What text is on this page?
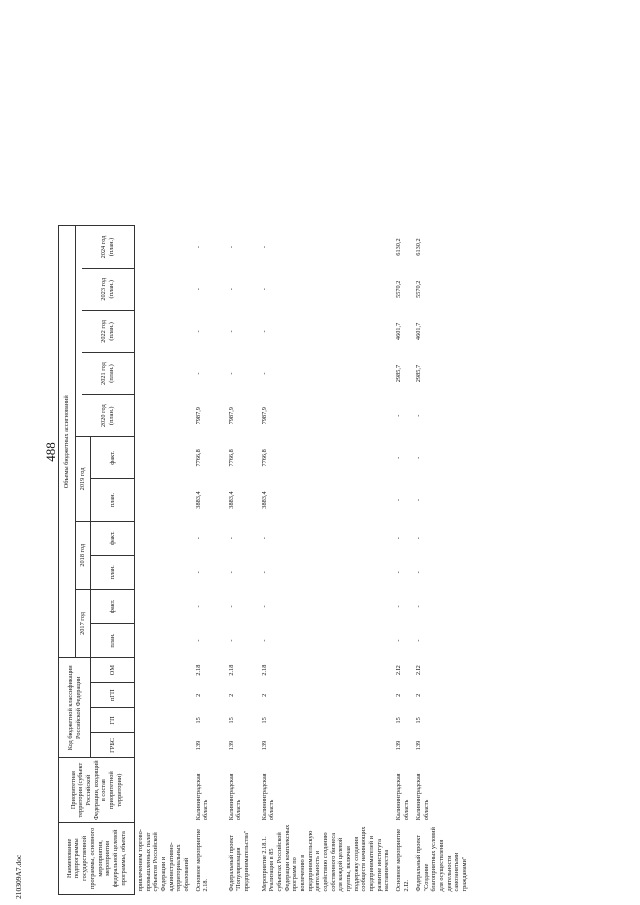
210309А7.doc
488
Наименование подпрограммы государственной программы, основного мероприятия, мероприятия федеральной целевой программы, объекта	Приоритетная территория (субъект Российской Федерации, входящий в состав приоритетной территории)	Код бюджетной классификации Российской Федерации				Объемы бюджетных ассигнований											
						2017 год		2018 год		2019 год							
												2020 год (план.)	2021 год (план.)	2022 год (план.)	2023 год (план.)	2024 год (план.)	
		ГРБС	ГП	пГП	ОМ	план.	факт.	план.	факт.	план.	факт.						
привлечением торгово-промышленных палат субъектов Российской Федерации и административно-территориальных образований																	
Основное мероприятие 2.18.	Калининградская область	139	15	2	2.18	-	-	-	-	3883,4	7766,8	7987,9	-	-	-	-	
Федеральный проект "Популяризация предпринимательства"	Калининградская область	139	15	2	2.18	-	-	-	-	3883,4	7766,8	7987,9	-	-	-	-	
Мероприятие 2.18.1. Реализация в 85 субъектах Российской Федерации комплексных программ по вовлечению в предпринимательскую деятельность и содействию созданию собственного бизнеса для каждой целевой группы, включая поддержку создания сообществ начинающих предпринимателей и развитие института наставничества	Калининградская область	139	15	2	2.18	-	-	-	-	3883,4	7766,8	7987,9	-	-	-	-	
Основное мероприятие 2.I2.	Калининградская область	139	15	2	2.I2	-	-	-	-	-	-	-	2985,7	4601,7	5570,2	6130,2	
Федеральный проект "Создание благоприятных условий для осуществления деятельности самозанятыми гражданами"	Калининградская область	139	15	2	2.I2	-	-	-	-	-	-	-	2985,7	4601,7	5570,2	6130,2	
